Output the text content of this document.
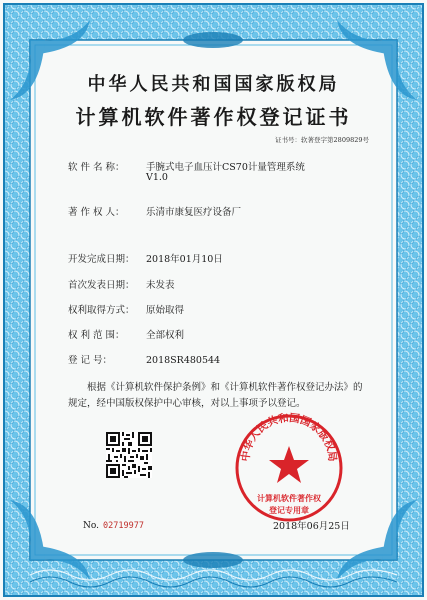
中华人民共和国国家版权局
计算机软件著作权登记证书
证书号：软著登字第2809829号
软 件 名 称： 手腕式电子血压计CS70计量管理系统
V1.0
著 作 权 人： 乐清市康复医疗设备厂
开发完成日期： 2018年01月10日
首次发表日期： 未发表
权利取得方式： 原始取得
权 利 范 围： 全部权利
登 记 号：	2018SR480544

根据《计算机软件保护条例》和《计算机软件著作权登记办法》的

规定，经中国版权保护中心审核，对以上事项予以登记。

中华人民共和国国家版权局
计算机软件著作权
登记专用章
No. 02719977	2018年06月25日
